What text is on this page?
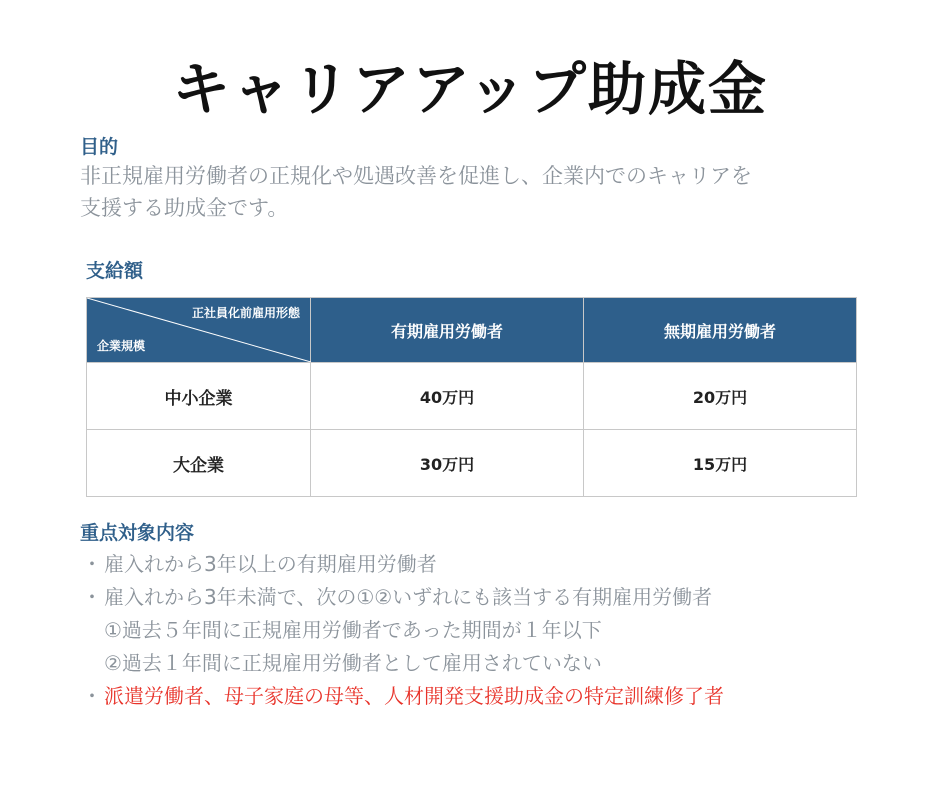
キャリアアップ助成金
目的
非正規雇用労働者の正規化や処遇改善を促進し、企業内でのキャリアを
支援する助成金です。
支給額
正社員化前雇用形態
企業規模	有期雇用労働者	無期雇用労働者
中小企業	40万円	20万円
大企業	30万円	15万円
重点対象内容
・ 雇入れから3年以上の有期雇用労働者
・ 雇入れから3年未満で、次の①②いずれにも該当する有期雇用労働者
①過去５年間に正規雇用労働者であった期間が１年以下
②過去１年間に正規雇用労働者として雇用されていない
・ 派遣労働者、母子家庭の母等、人材開発支援助成金の特定訓練修了者
